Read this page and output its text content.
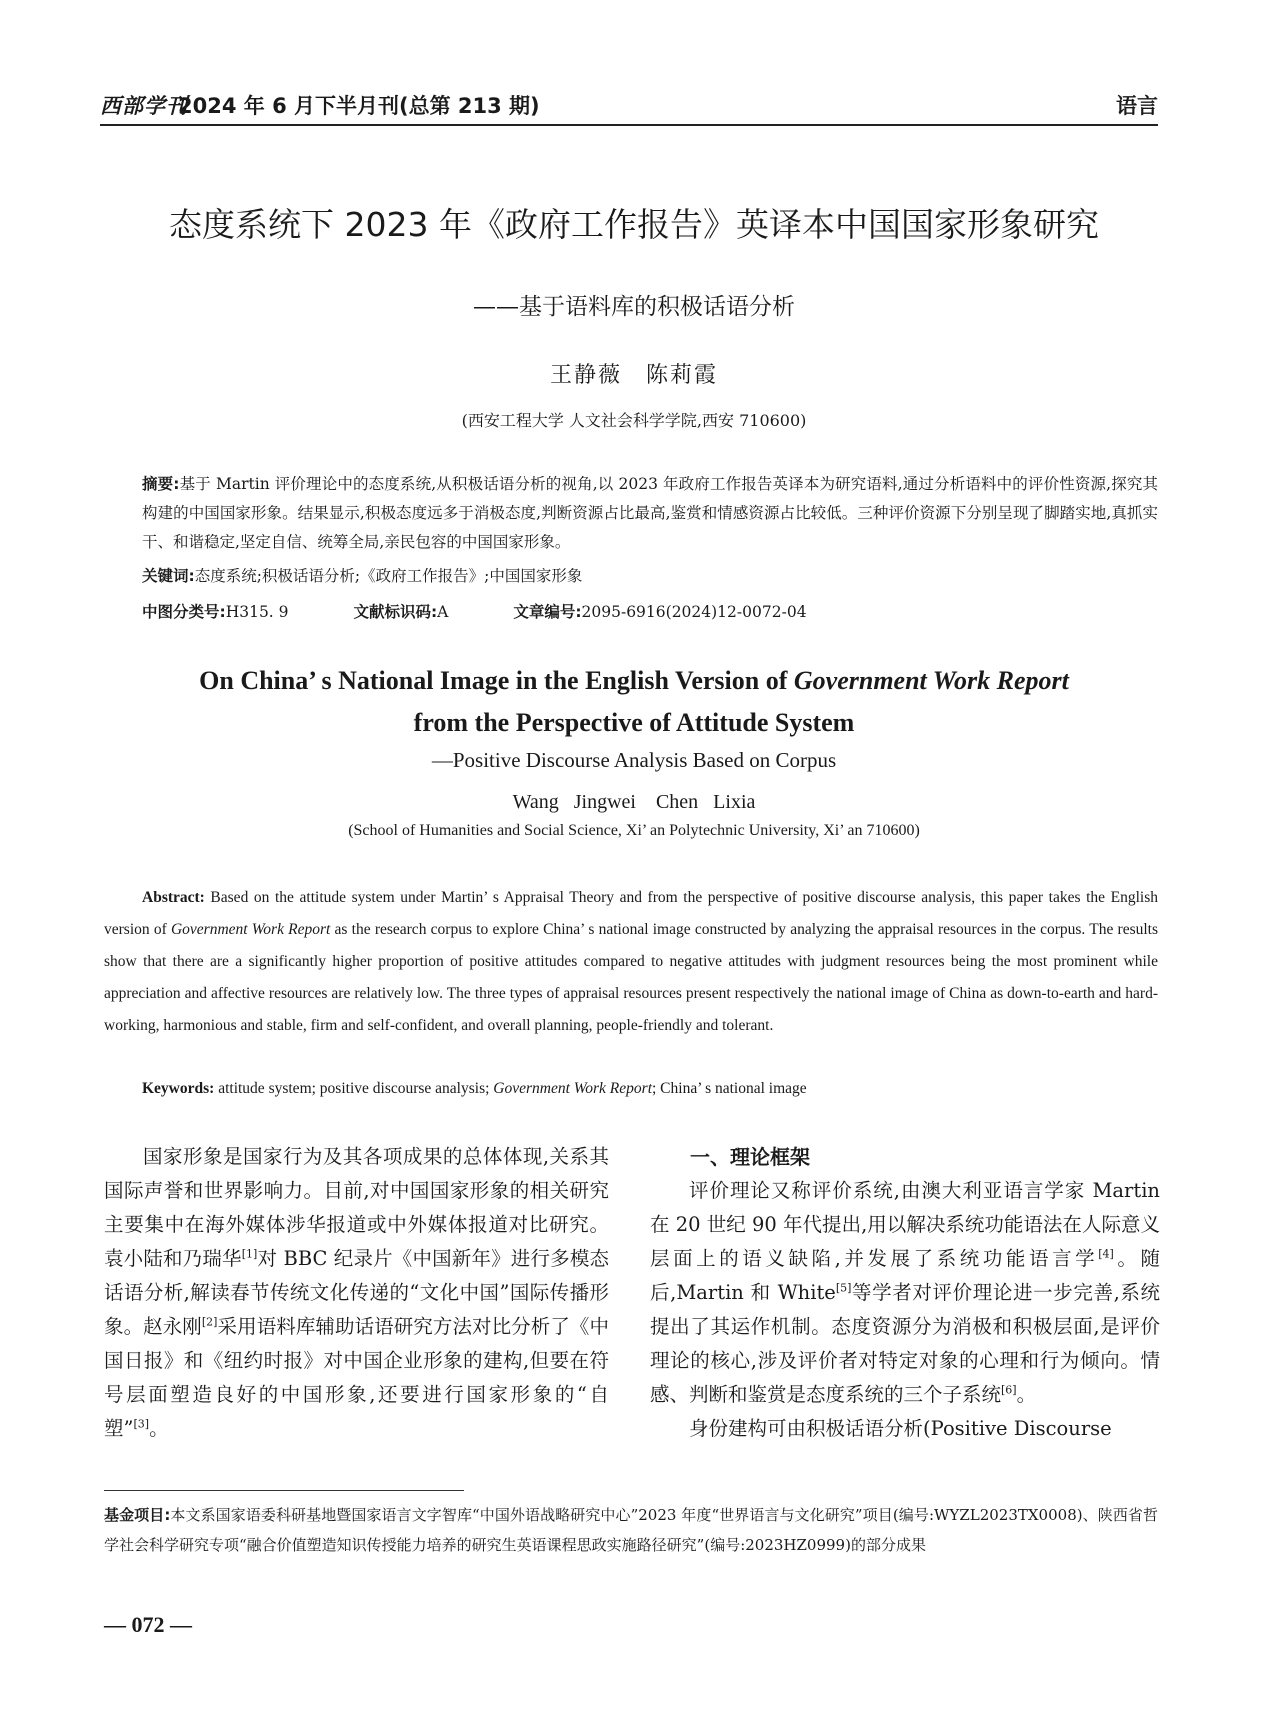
西部学刊
2024 年 6 月下半月刊(总第 213 期)	语言
态度系统下 2023 年《政府工作报告》英译本中国国家形象研究
——基于语料库的积极话语分析
王静薇　陈莉霞
(西安工程大学 人文社会科学学院,西安 710600)
摘要:基于 Martin 评价理论中的态度系统,从积极话语分析的视角,以 2023 年政府工作报告英译本为研究语料,通过分析语料中的评价性资源,探究其构建的中国国家形象。结果显示,积极态度远多于消极态度,判断资源占比最高,鉴赏和情感资源占比较低。三种评价资源下分别呈现了脚踏实地,真抓实干、和谐稳定,坚定自信、统筹全局,亲民包容的中国国家形象。
关键词:态度系统;积极话语分析;《政府工作报告》;中国国家形象
中图分类号:H315. 9	文献标识码:A	文章编号:2095-6916(2024)12-0072-04
On China’ s National Image in the English Version of Government Work Report
from the Perspective of Attitude System
—Positive Discourse Analysis Based on Corpus
Wang Jingwei　Chen Lixia
(School of Humanities and Social Science, Xi’ an Polytechnic University, Xi’ an 710600)
Abstract: Based on the attitude system under Martin’ s Appraisal Theory and from the perspective of positive discourse analysis, this paper takes the English version of Government Work Report as the research corpus to explore China’ s national image constructed by analyzing the appraisal resources in the corpus. The results show that there are a significantly higher proportion of positive attitudes compared to negative attitudes with judgment resources being the most prominent while appreciation and affective resources are relatively low. The three types of appraisal resources present respectively the national image of China as down-to-earth and hard-working, harmonious and stable, firm and self-confident, and overall planning, people-friendly and tolerant.
Keywords: attitude system; positive discourse analysis; Government Work Report; China’ s national image

国家形象是国家行为及其各项成果的总体体现,关系其国际声誉和世界影响力。目前,对中国国家形象的相关研究主要集中在海外媒体涉华报道或中外媒体报道对比研究。袁小陆和乃瑞华[1]对 BBC 纪录片《中国新年》进行多模态话语分析,解读春节传统文化传递的“文化中国”国际传播形象。赵永刚[2]采用语料库辅助话语研究方法对比分析了《中国日报》和《纽约时报》对中国企业形象的建构,但要在符号层面塑造良好的中国形象,还要进行国家形象的“自塑”[3]。

一、理论框架

评价理论又称评价系统,由澳大利亚语言学家 Martin 在 20 世纪 90 年代提出,用以解决系统功能语法在人际意义层面上的语义缺陷,并发展了系统功能语言学[4]。随后,Martin 和 White[5]等学者对评价理论进一步完善,系统提出了其运作机制。态度资源分为消极和积极层面,是评价理论的核心,涉及评价者对特定对象的心理和行为倾向。情感、判断和鉴赏是态度系统的三个子系统[6]。

身份建构可由积极话语分析(Positive Discourse

基金项目:本文系国家语委科研基地暨国家语言文字智库“中国外语战略研究中心”2023 年度“世界语言与文化研究”项目(编号:WYZL2023TX0008)、陕西省哲学社会科学研究专项“融合价值塑造知识传授能力培养的研究生英语课程思政实施路径研究”(编号:2023HZ0999)的部分成果
— 072 —
